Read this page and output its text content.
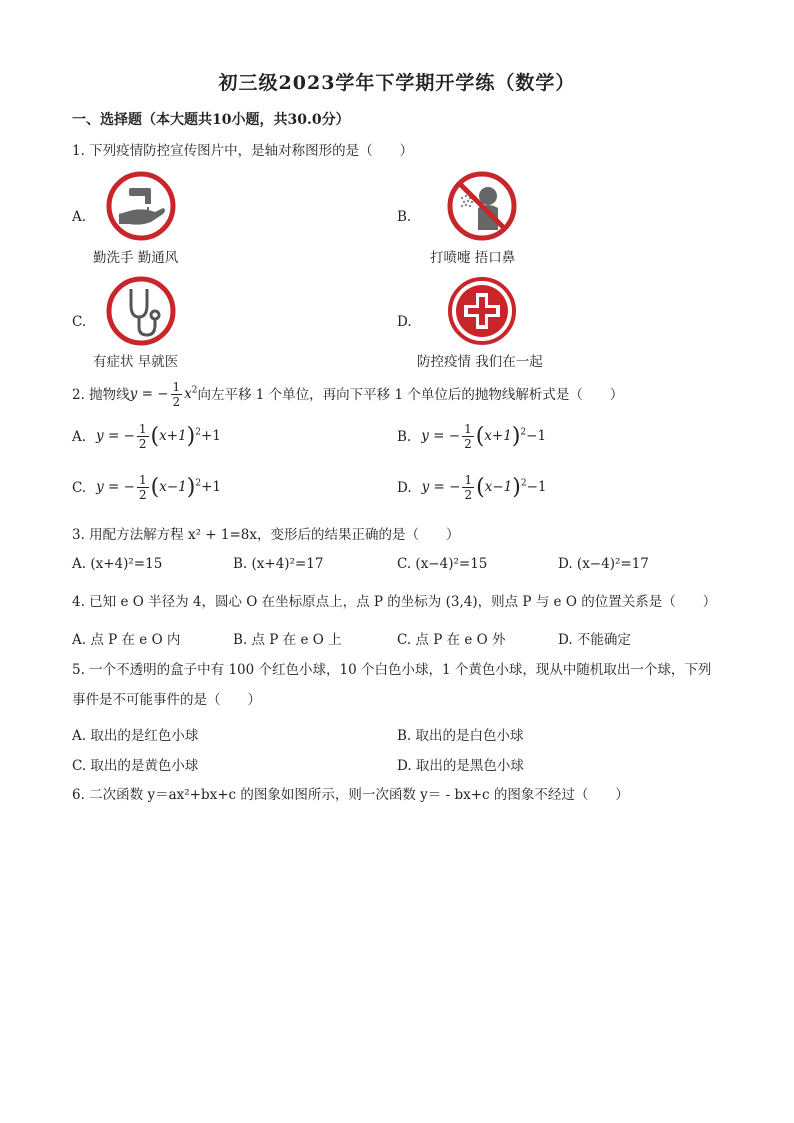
初三级2023学年下学期开学练（数学）
一、选择题（本大题共10小题，共30.0分）
1. 下列疫情防控宣传图片中，是轴对称图形的是（　　）
A.
勤洗手 勤通风
B.
打喷嚏 捂口鼻
C.
有症状 早就医
D.
防控疫情 我们在一起
2. 抛物线 y = − $\frac{1}{2} x^2$ 向左平移 1 个单位，再向下平移 1 个单位后的抛物线解析式是（　　）
A. y = − $\frac{1}{2} (x+1)^2+1$	B. y = − $\frac{1}{2} (x+1)^2-1$
C. y = − $\frac{1}{2} (x-1)^2+1$	D. y = − $\frac{1}{2} (x-1)^2-1$
3. 用配方法解方程 x² + 1=8x，变形后的结果正确的是（　　）
A. (x+4)²=15	B. (x+4)²=17	C. (x−4)²=15	D. (x−4)²=17
4. 已知 e O 半径为 4，圆心 O 在坐标原点上，点 P 的坐标为 (3,4)，则点 P 与 e O 的位置关系是（　　）
A. 点 P 在 e O 内	B. 点 P 在 e O 上	C. 点 P 在 e O 外	D. 不能确定
5. 一个不透明的盒子中有 100 个红色小球，10 个白色小球，1 个黄色小球，现从中随机取出一个球，下列
事件是不可能事件的是（　　）
A. 取出的是红色小球	B. 取出的是白色小球
C. 取出的是黄色小球	D. 取出的是黑色小球
6. 二次函数 y＝ax²+bx+c 的图象如图所示，则一次函数 y＝ - bx+c 的图象不经过（　　）
